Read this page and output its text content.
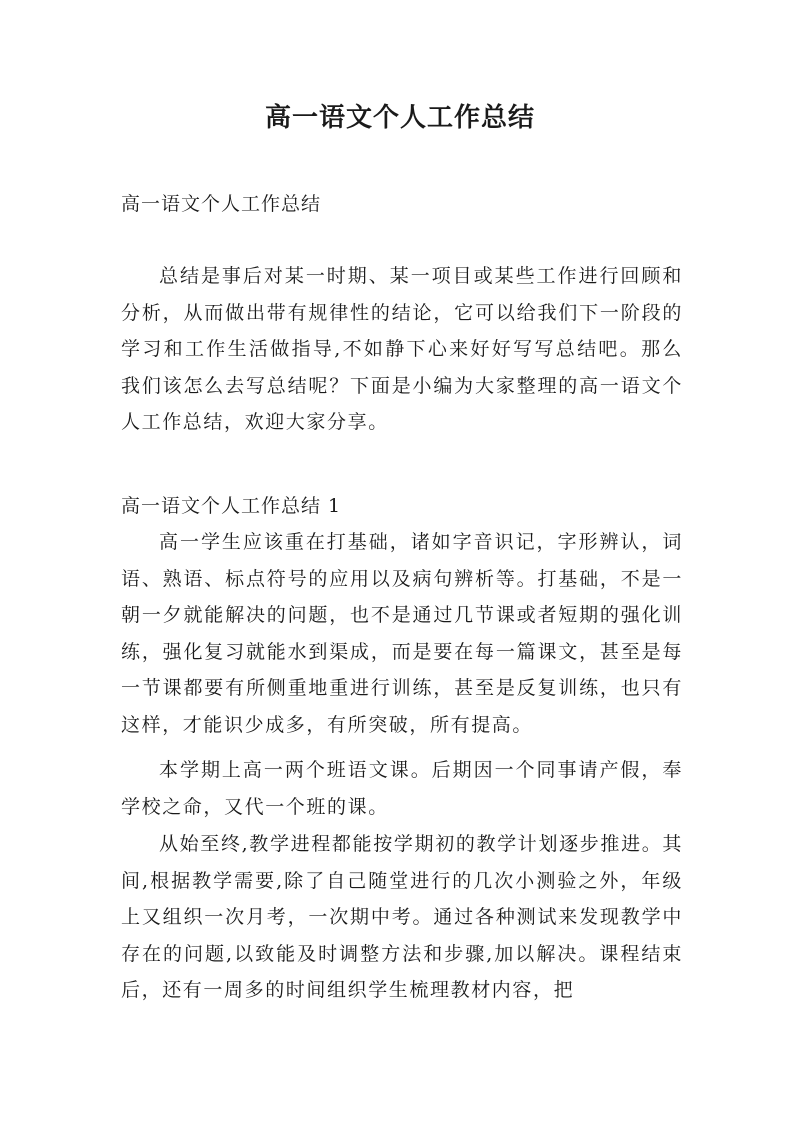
高一语文个人工作总结

高一语文个人工作总结

总结是事后对某一时期、某一项目或某些工作进行回顾和分析，从而做出带有规律性的结论，它可以给我们下一阶段的学习和工作生活做指导,不如静下心来好好写写总结吧。那么我们该怎么去写总结呢？下面是小编为大家整理的高一语文个人工作总结，欢迎大家分享。

高一语文个人工作总结 1

高一学生应该重在打基础，诸如字音识记，字形辨认，词语、熟语、标点符号的应用以及病句辨析等。打基础，不是一朝一夕就能解决的问题，也不是通过几节课或者短期的强化训练，强化复习就能水到渠成，而是要在每一篇课文，甚至是每一节课都要有所侧重地重进行训练，甚至是反复训练，也只有这样，才能识少成多，有所突破，所有提高。

本学期上高一两个班语文课。后期因一个同事请产假，奉学校之命，又代一个班的课。

从始至终,教学进程都能按学期初的教学计划逐步推进。其间,根据教学需要,除了自己随堂进行的几次小测验之外，年级上又组织一次月考，一次期中考。通过各种测试来发现教学中存在的问题,以致能及时调整方法和步骤,加以解决。课程结束后，还有一周多的时间组织学生梳理教材内容，把
